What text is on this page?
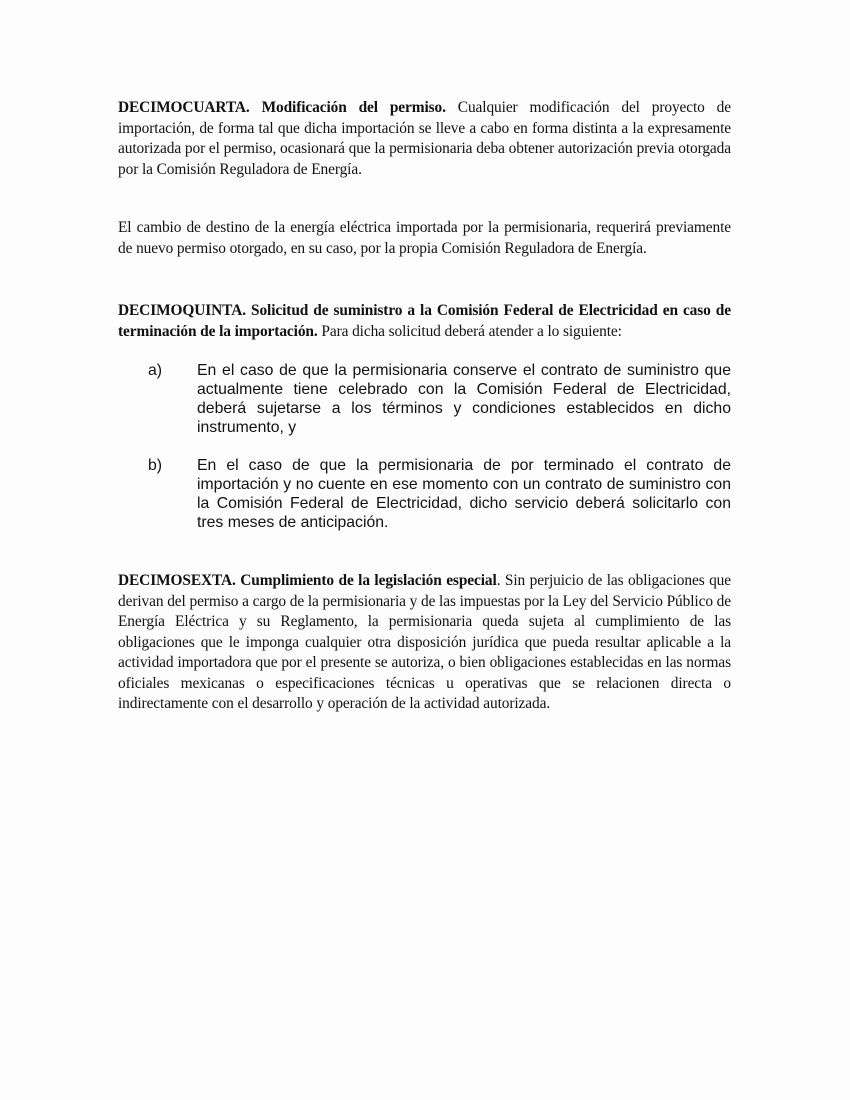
DECIMOCUARTA. Modificación del permiso. Cualquier modificación del proyecto de importación, de forma tal que dicha importación se lleve a cabo en forma distinta a la expresamente autorizada por el permiso, ocasionará que la permisionaria deba obtener autorización previa otorgada por la Comisión Reguladora de Energía.

El cambio de destino de la energía eléctrica importada por la permisionaria, requerirá previamente de nuevo permiso otorgado, en su caso, por la propia Comisión Reguladora de Energía.

DECIMOQUINTA. Solicitud de suministro a la Comisión Federal de Electricidad en caso de terminación de la importación. Para dicha solicitud deberá atender a lo siguiente:

a) En el caso de que la permisionaria conserve el contrato de suministro que actualmente tiene celebrado con la Comisión Federal de Electricidad, deberá sujetarse a los términos y condiciones establecidos en dicho instrumento, y
b) En el caso de que la permisionaria de por terminado el contrato de importación y no cuente en ese momento con un contrato de suministro con la Comisión Federal de Electricidad, dicho servicio deberá solicitarlo con tres meses de anticipación.

DECIMOSEXTA. Cumplimiento de la legislación especial. Sin perjuicio de las obligaciones que derivan del permiso a cargo de la permisionaria y de las impuestas por la Ley del Servicio Público de Energía Eléctrica y su Reglamento, la permisionaria queda sujeta al cumplimiento de las obligaciones que le imponga cualquier otra disposición jurídica que pueda resultar aplicable a la actividad importadora que por el presente se autoriza, o bien obligaciones establecidas en las normas oficiales mexicanas o especificaciones técnicas u operativas que se relacionen directa o indirectamente con el desarrollo y operación de la actividad autorizada.
